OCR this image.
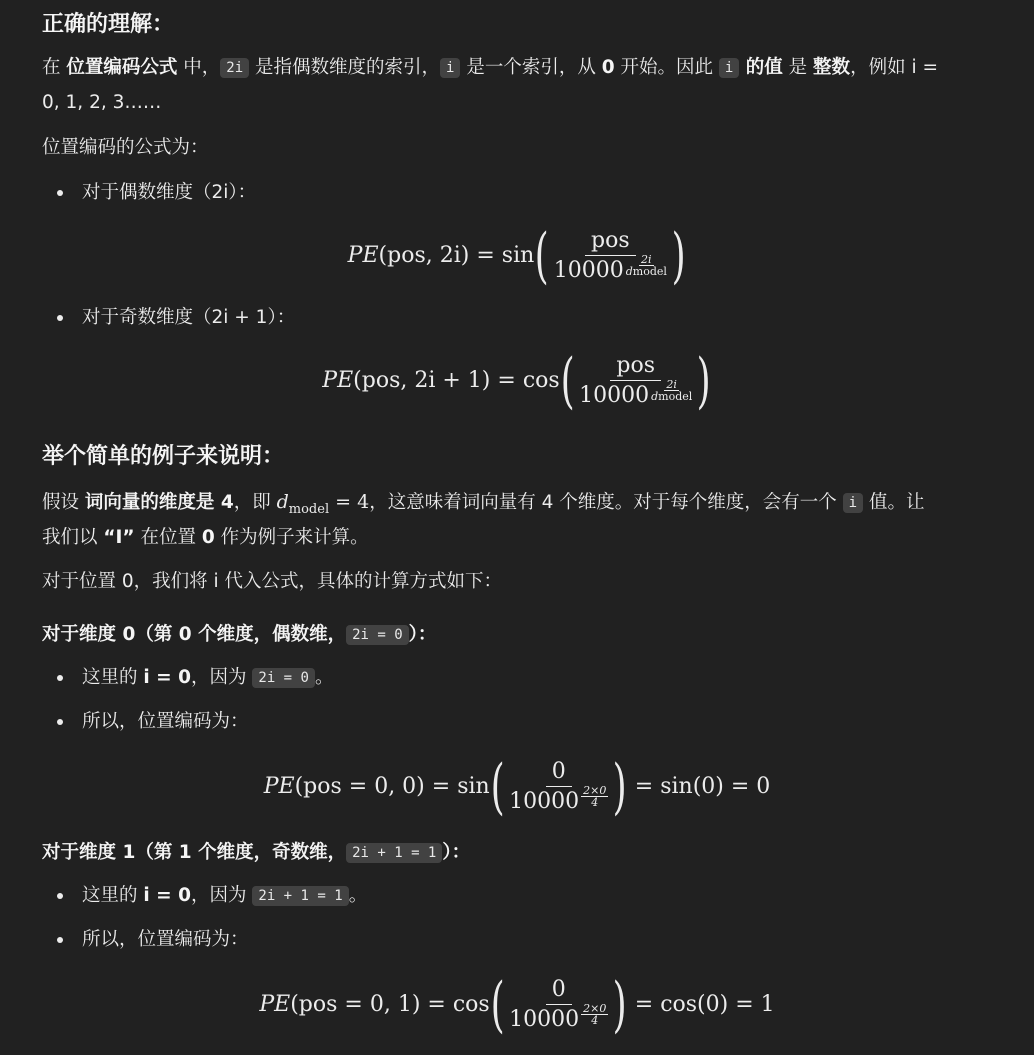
正确的理解：

在 位置编码公式 中， 2i 是指偶数维度的索引， i 是一个索引，从 0 开始。因此 i 的值 是 整数，例如 i =
0, 1, 2, 3……

位置编码的公式为：

对于偶数维度（2i）：
PE (pos, 2i)
=
sin ( pos
10000 2i
dmodel )
对于奇数维度（2i + 1）：
PE (pos, 2i + 1)
=
cos ( pos
10000 2i
dmodel )
举个简单的例子来说明：

假设 词向量的维度是 4，即 $d_{model} = 4$，这意味着词向量有 4 个维度。对于每个维度，会有一个 i 值。让
我们以 “I” 在位置 0 作为例子来计算。

对于位置 0，我们将 i 代入公式，具体的计算方式如下：

对于维度 0（第 0 个维度，偶数维， 2i = 0 ）：

这里的 i = 0，因为 2i = 0 。
所以，位置编码为：
PE (pos = 0, 0)
=
sin ( 0
10000 2×0
4 )
= sin(0) = 0

对于维度 1（第 1 个维度，奇数维， 2i + 1 = 1 ）：

这里的 i = 0，因为 2i + 1 = 1 。
所以，位置编码为：
PE (pos = 0, 1)
=
cos ( 0
10000 2×0
4 )
= cos(0) = 1
